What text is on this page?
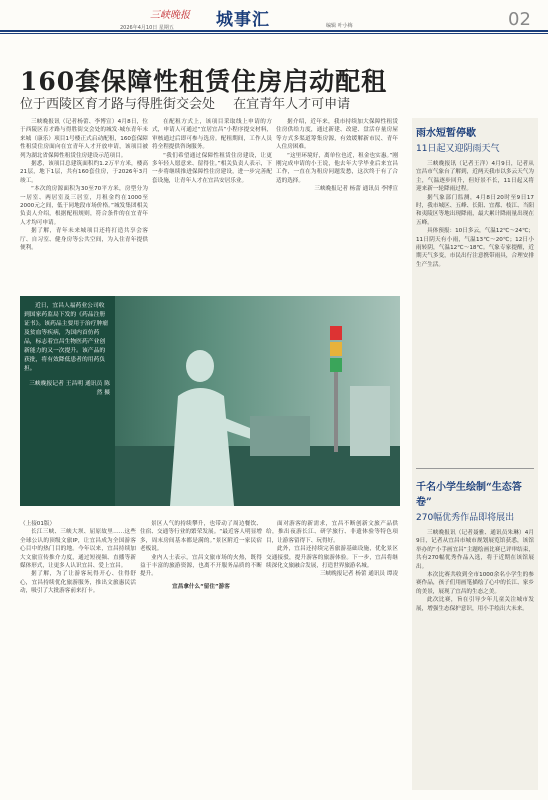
三峡晚报 城事汇
2026年4月10日 星期五	编辑 叶小梅	02
160套保障性租赁住房启动配租
位于西陵区育才路与得胜街交会处 在宜青年人才可申请

三峡晚报讯（记者杨蕾、李博宣）4月8日，位于西陵区育才路与得胜街交会处的城发·城东青年未来城（康乐）项目1号楼正式启动配租，160套保障性租赁住房面向在宜青年人才开放申请，该项目被列为湖北省保障性租赁住房建设示范项目。

据悉，该项目总建筑面积约1.2万平方米，楼高21层，地下1层，共有160套住房，于2026年3月竣工。

“本次的房源面积为30至70平方米，房型分为一居室、两居室及三居室，月租金约在1000至2000元之间，低于同地段市场价格。”城发集团相关负责人介绍，根据配租规则，符合条件的在宜青年人才均可申请。

据了解，青年未来城项目还将打造共享会客厅、自习室、健身房等公共空间，为入住青年提供便利。

在配租方式上，该项目采取线上申请的方式，申请人可通过“宜居宜昌”小程序提交材料，审核通过后即可参与选房。配租期间，工作人员将全程提供咨询服务。

“我们希望通过保障性租赁住房建设，让更多年轻人愿意来、留得住。”相关负责人表示，下一步将继续推进保障性住房建设，进一步完善配套设施，让青年人才在宜昌安居乐业。

据介绍，近年来，我市持续加大保障性租赁住房供给力度，通过新建、改建、盘活存量房屋等方式多渠道筹集房源，有效缓解新市民、青年人住房困难。

“这里环境好，离单位也近，租金也实惠。”刚刚完成申请的小王说，他去年大学毕业后来宜昌工作，一直在为租房问题发愁，这次终于有了合适的选择。

三峡晚报记者 杨蕾 通讯员 李博宣

近日，宜昌人福药业公司收到国家药监局下发的《药品注册证书》。该药品主要用于治疗肿瘤及贫血等疾病，为国内首仿药品，标志着宜昌生物医药产业创新能力的又一次提升。该产品的获批，将有效降低患者的用药负担。

三峡晚报记者 王昌明 通讯员 陈然 摄

（上接01版）

长江三峡、三峡大坝、屈原故里……这些全球公认的顶级文旅IP，让宜昌成为全国游客心目中的热门目的地。今年以来，宜昌持续加大文旅宣传推介力度，通过短视频、直播等新媒体形式，让更多人认识宜昌、爱上宜昌。

据了解，为了让游客玩得开心、住得舒心，宜昌持续优化旅游服务，推出文旅惠民活动，吸引了大批游客前来打卡。

景区人气的持续攀升，也带动了周边餐饮、住宿、交通等行业的繁荣发展。“最近客人明显增多，周末房间基本都是满的。”景区附近一家民宿老板说。

业内人士表示，宜昌文旅市场的火热，既得益于丰富的旅游资源，也离不开服务品质的不断提升。

宜昌拿什么“留住”游客

面对游客的新需求，宜昌不断创新文旅产品供给，推出夜游长江、研学旅行、非遗体验等特色项目，让游客留得下、玩得好。

此外，宜昌还持续完善旅游基础设施，优化景区交通接驳，提升游客的旅游体验。下一步，宜昌将继续深化文旅融合发展，打造世界旅游名城。

三峡晚报记者 杨蕾 通讯员 谭凌

雨水短暂停歇
11日起又迎阴雨天气

三峡晚报讯（记者王洋）4月9日，记者从宜昌市气象台了解到，近两天我市以多云天气为主，气温逐步回升，但好景不长，11日起又将迎来新一轮降雨过程。

据气象部门监测，4月8日20时至9日17时，我市城区、五峰、长阳、宜都、枝江、当阳和夷陵区等地出现降雨，最大累计降雨量出现在五峰。

具体预报：10日多云，气温12℃～24℃；11日阴天有小雨，气温13℃～20℃；12日小雨转阴，气温12℃～18℃。气象专家提醒，近期天气多变，市民出行注意携带雨具，合理安排生产生活。

千名小学生绘制“生态答卷”
270幅优秀作品即将展出

三峡晚报讯（记者聂雅、通讯员朱琳）4月9日，记者从宜昌市城市规划展览馆获悉，该馆举办的“小手画宜昌”主题绘画比赛已评审结束，共有270幅优秀作品入选，将于近期在该馆展出。

本次比赛共收到全市1000余名小学生的参赛作品，孩子们用画笔描绘了心中的长江、家乡的美景，展现了宜昌的生态之美。

此次比赛，旨在引导少年儿童关注城市发展，增强生态保护意识，用小手绘出大未来。
